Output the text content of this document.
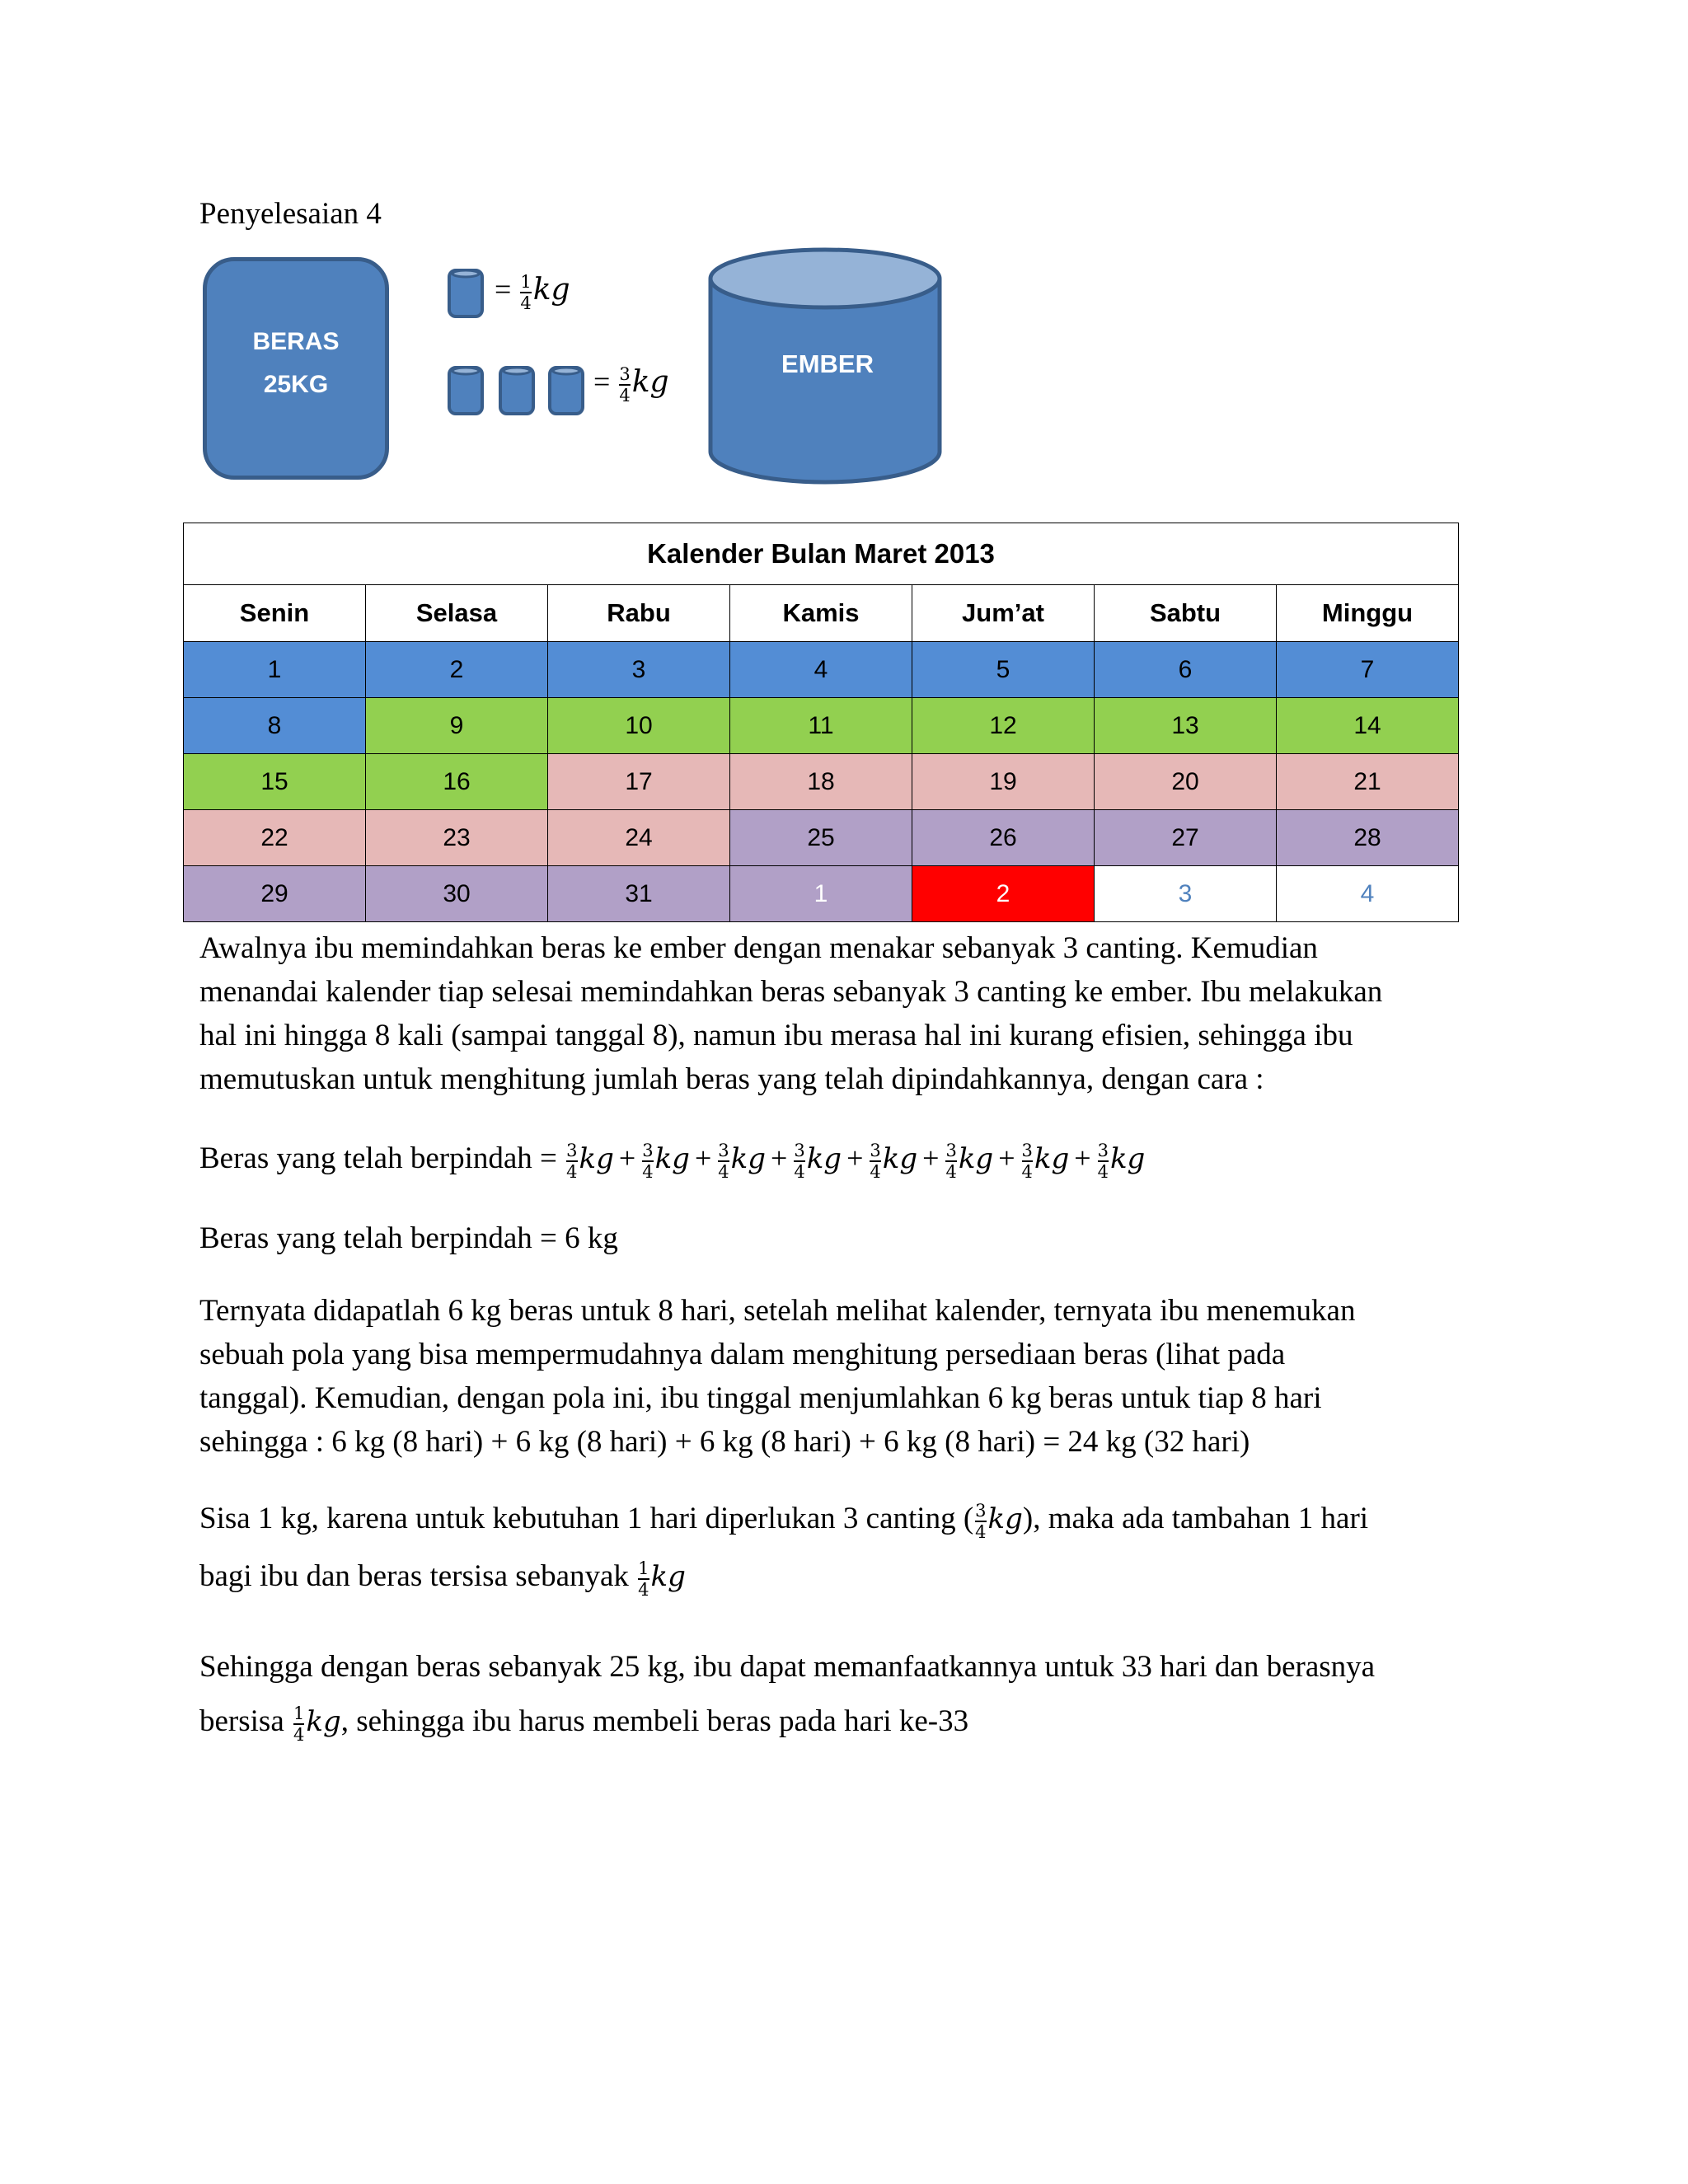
Penyelesaian 4
BERAS
25KG
= $\frac{1}{4}$ kg
= $\frac{3}{4}$ kg
EMBER
Kalender Bulan Maret 2013						
Senin	Selasa	Rabu	Kamis	Jum’at	Sabtu	Minggu
1	2	3	4	5	6	7
8	9	10	11	12	13	14
15	16	17	18	19	20	21
22	23	24	25	26	27	28
29	30	31	1	2	3	4
Awalnya ibu memindahkan beras ke ember dengan menakar sebanyak 3 canting. Kemudian
menandai kalender tiap selesai memindahkan beras sebanyak 3 canting ke ember. Ibu melakukan
hal ini hingga 8 kali (sampai tanggal 8), namun ibu merasa hal ini kurang efisien, sehingga ibu
memutuskan untuk menghitung jumlah beras yang telah dipindahkannya, dengan cara :
Beras yang telah berpindah = $\frac{3}{4}$ kg + $\frac{3}{4}$ kg + $\frac{3}{4}$ kg + $\frac{3}{4}$ kg + $\frac{3}{4}$ kg + $\frac{3}{4}$ kg + $\frac{3}{4}$ kg + $\frac{3}{4}$ kg
Beras yang telah berpindah = 6 kg
Ternyata didapatlah 6 kg beras untuk 8 hari, setelah melihat kalender, ternyata ibu menemukan
sebuah pola yang bisa mempermudahnya dalam menghitung persediaan beras (lihat pada
tanggal). Kemudian, dengan pola ini, ibu tinggal menjumlahkan 6 kg beras untuk tiap 8 hari
sehingga : 6 kg (8 hari) + 6 kg (8 hari) + 6 kg (8 hari) + 6 kg (8 hari) = 24 kg (32 hari)
Sisa 1 kg, karena untuk kebutuhan 1 hari diperlukan 3 canting ( $\frac{3}{4} kg$), maka ada tambahan 1 hari
bagi ibu dan beras tersisa sebanyak $\frac{1}{4}$ kg
Sehingga dengan beras sebanyak 25 kg, ibu dapat memanfaatkannya untuk 33 hari dan berasnya
bersisa $\frac{1}{4}$ kg, sehingga ibu harus membeli beras pada hari ke-33
